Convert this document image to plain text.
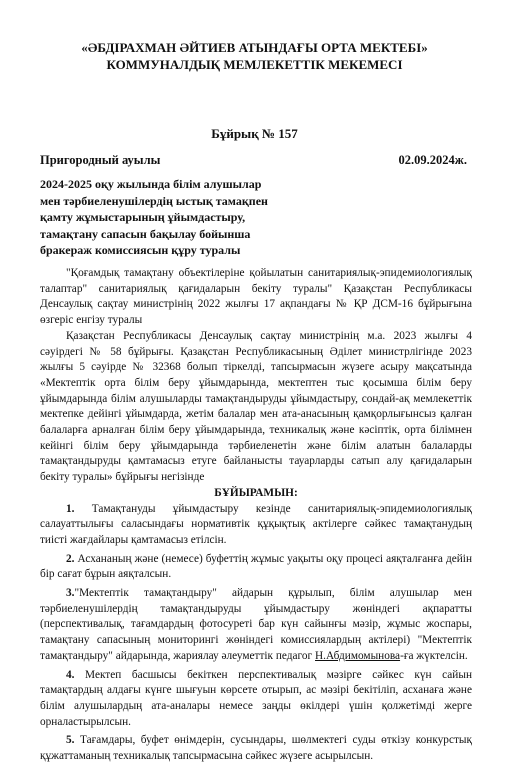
«ӘБДІРАХМАН ӘЙТИЕВ АТЫНДАҒЫ ОРТА МЕКТЕБІ»
КОММУНАЛДЫҚ МЕМЛЕКЕТТІК МЕКЕМЕСІ
Бұйрық № 157
Пригородный ауылы	02.09.2024ж.
2024-2025 оқу жылында білім алушылар
мен тәрбиеленушілердің ыстық тамақпен
қамту жұмыстарының ұйымдастыру,
тамақтану сапасын бақылау бойынша
бракераж комиссиясын құру туралы

"Қоғамдық тамақтану объектілеріне қойылатын санитариялық-эпидемиологиялық талаптар" санитариялық қағидаларын бекіту туралы" Қазақстан Республикасы Денсаулық сақтау министрінің 2022 жылғы 17 ақпандағы № ҚР ДСМ-16 бұйрығына өзгеріс енгізу туралы

Қазақстан Республикасы Денсаулық сақтау министрінің м.а. 2023 жылғы 4 сәуірдегі № 58 бұйрығы. Қазақстан Республикасының Әділет министрлігінде 2023 жылғы 5 сәуірде № 32368 болып тіркелді, тапсырмасын жүзеге асыру мақсатында «Мектептік орта білім беру ұйымдарында, мектептен тыс қосымша білім беру ұйымдарында білім алушыларды тамақтандыруды ұйымдастыру, сондай-ақ мемлекеттік мектепке дейінгі ұйымдарда, жетім балалар мен ата-анасының қамқорлығынсыз қалған балаларға арналған білім беру ұйымдарында, техникалық және кәсіптік, орта білімнен кейінгі білім беру ұйымдарында тәрбиеленетін және білім алатын балаларды тамақтандыруды қамтамасыз етуге байланысты тауарларды сатып алу қағидаларын бекіту туралы» бұйрығы негізінде

БҰЙЫРАМЫН:

1. Тамақтануды ұйымдастыру кезінде санитариялық-эпидемиологиялық салауаттылығы саласындағы нормативтік құқықтық актілерге сәйкес тамақтанудың тиісті жағдайлары қамтамасыз етілсін.

2. Асхананың және (немесе) буфеттің жұмыс уақыты оқу процесі аяқталғанға дейін бір сағат бұрын аяқталсын.

3."Мектептік тамақтандыру" айдарын құрылып, білім алушылар мен тәрбиеленушілердің тамақтандыруды ұйымдастыру жөніндегі ақпаратты (перспективалық, тағамдардың фотосуреті бар күн сайынғы мәзір, жұмыс жоспары, тамақтану сапасының мониторингі жөніндегі комиссиялардың актілері) "Мектептік тамақтандыру" айдарында, жариялау әлеуметтік педагог Н.Абдимомынова-ға жүктелсін.

4. Мектеп басшысы бекіткен перспективалық мәзірге сәйкес күн сайын тамақтардың алдағы күнге шығуын көрсете отырып, ас мәзірі бекітіліп, асханаға және білім алушылардың ата-аналары немесе заңды өкілдері үшін қолжетімді жерге орналастырылсын.

5. Тағамдары, буфет өнімдерін, сусындары, шөлмектегі суды өткізу конкурстық құжаттаманың техникалық тапсырмасына сәйкес жүзеге асырылсын.
